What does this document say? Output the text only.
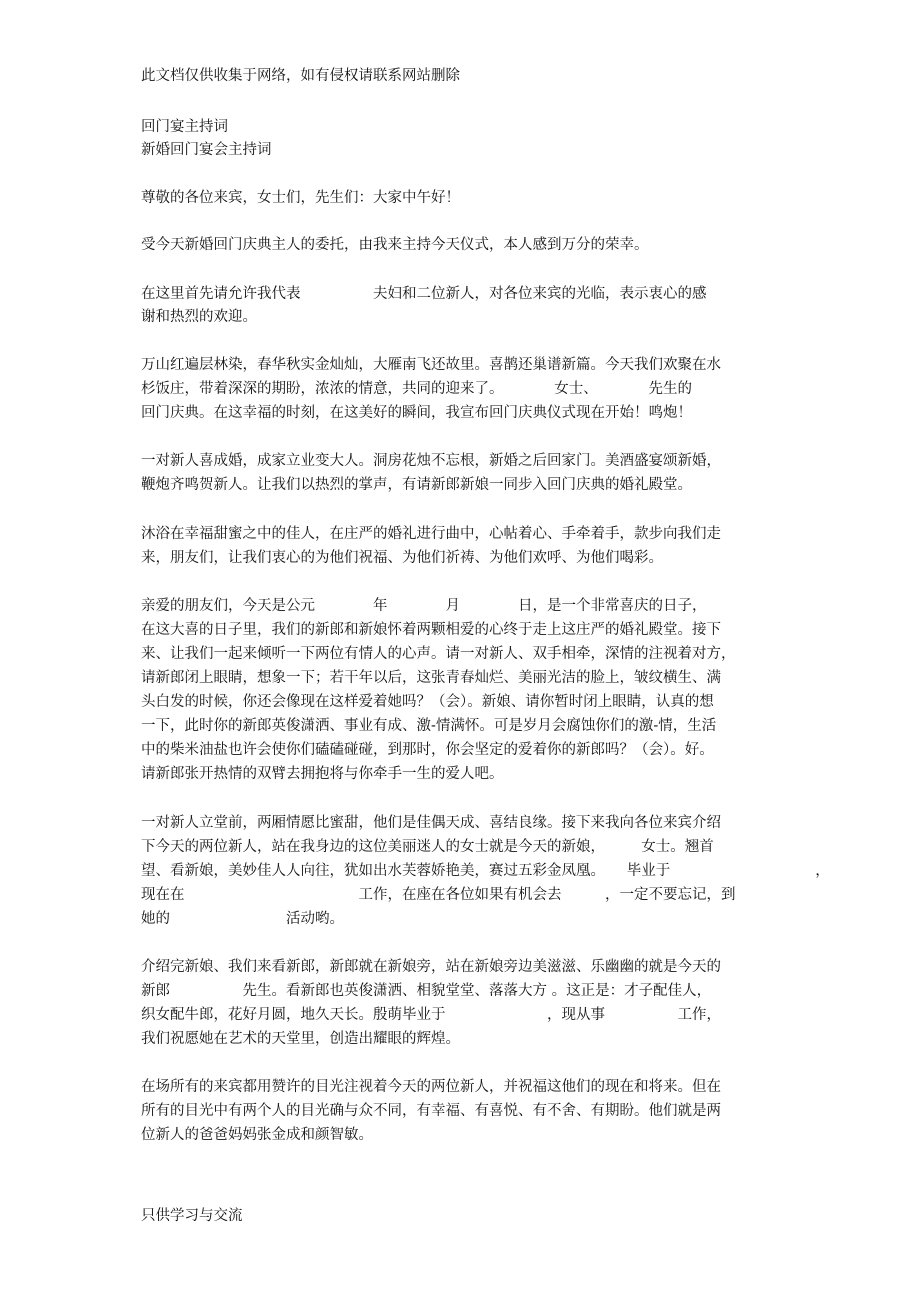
此文档仅供收集于网络，如有侵权请联系网站删除

回门宴主持词

新婚回门宴会主持词

尊敬的各位来宾，女士们，先生们：大家中午好！

受今天新婚回门庆典主人的委托，由我来主持今天仪式，本人感到万分的荣幸。

在这里首先请允许我代表　　　　　夫妇和二位新人，对各位来宾的光临，表示衷心的感

谢和热烈的欢迎。

万山红遍层林染，春华秋实金灿灿，大雁南飞还故里。喜鹊还巢谱新篇。今天我们欢聚在水

杉饭庄，带着深深的期盼，浓浓的情意，共同的迎来了。　　　　女士、　　　　先生的

回门庆典。在这幸福的时刻，在这美好的瞬间，我宣布回门庆典仪式现在开始！鸣炮！

一对新人喜成婚，成家立业变大人。洞房花烛不忘根，新婚之后回家门。美酒盛宴颂新婚，

鞭炮齐鸣贺新人。让我们以热烈的掌声，有请新郎新娘一同步入回门庆典的婚礼殿堂。

沐浴在幸福甜蜜之中的佳人，在庄严的婚礼进行曲中，心帖着心、手牵着手，款步向我们走

来，朋友们，让我们衷心的为他们祝福、为他们祈祷、为他们欢呼、为他们喝彩。

亲爱的朋友们，今天是公元　　　　年　　　　月　　　　日，是一个非常喜庆的日子，

在这大喜的日子里，我们的新郎和新娘怀着两颗相爱的心终于走上这庄严的婚礼殿堂。接下

来、让我们一起来倾听一下两位有情人的心声。请一对新人、双手相牵，深情的注视着对方，

请新郎闭上眼睛，想象一下；若干年以后，这张青春灿烂、美丽光洁的脸上，皱纹横生、满

头白发的时候，你还会像现在这样爱着她吗？（会）。新娘、请你暂时闭上眼睛，认真的想

一下，此时你的新郎英俊潇洒、事业有成、激-情满怀。可是岁月会腐蚀你们的激-情，生活

中的柴米油盐也许会使你们磕磕碰碰，到那时，你会坚定的爱着你的新郎吗？（会）。好。

请新郎张开热情的双臂去拥抱将与你牵手一生的爱人吧。

一对新人立堂前，两厢情愿比蜜甜，他们是佳偶天成、喜结良缘。接下来我向各位来宾介绍

下今天的两位新人，站在我身边的这位美丽迷人的女士就是今天的新娘，　　　女士。翘首

望、看新娘，美妙佳人人向往，犹如出水芙蓉娇艳美，赛过五彩金凤凰。　　毕业于　　　　　　　　　　，

现在在　　　　　　　　　　　　工作，在座在各位如果有机会去　　　，一定不要忘记，到

她的　　　　　　　　活动哟。

介绍完新娘、我们来看新郎，新郎就在新娘旁，站在新娘旁边美滋滋、乐幽幽的就是今天的

新郎　　　　　先生。看新郎也英俊潇洒、相貌堂堂、落落大方 。这正是：才子配佳人，

织女配牛郎，花好月圆，地久天长。殷萌毕业于　　　　　　　，现从事　　　　　工作，

我们祝愿她在艺术的天堂里，创造出耀眼的辉煌。

在场所有的来宾都用赞许的目光注视着今天的两位新人，并祝福这他们的现在和将来。但在

所有的目光中有两个人的目光确与众不同，有幸福、有喜悦、有不舍、有期盼。他们就是两

位新人的爸爸妈妈张金成和颜智敏。

只供学习与交流
